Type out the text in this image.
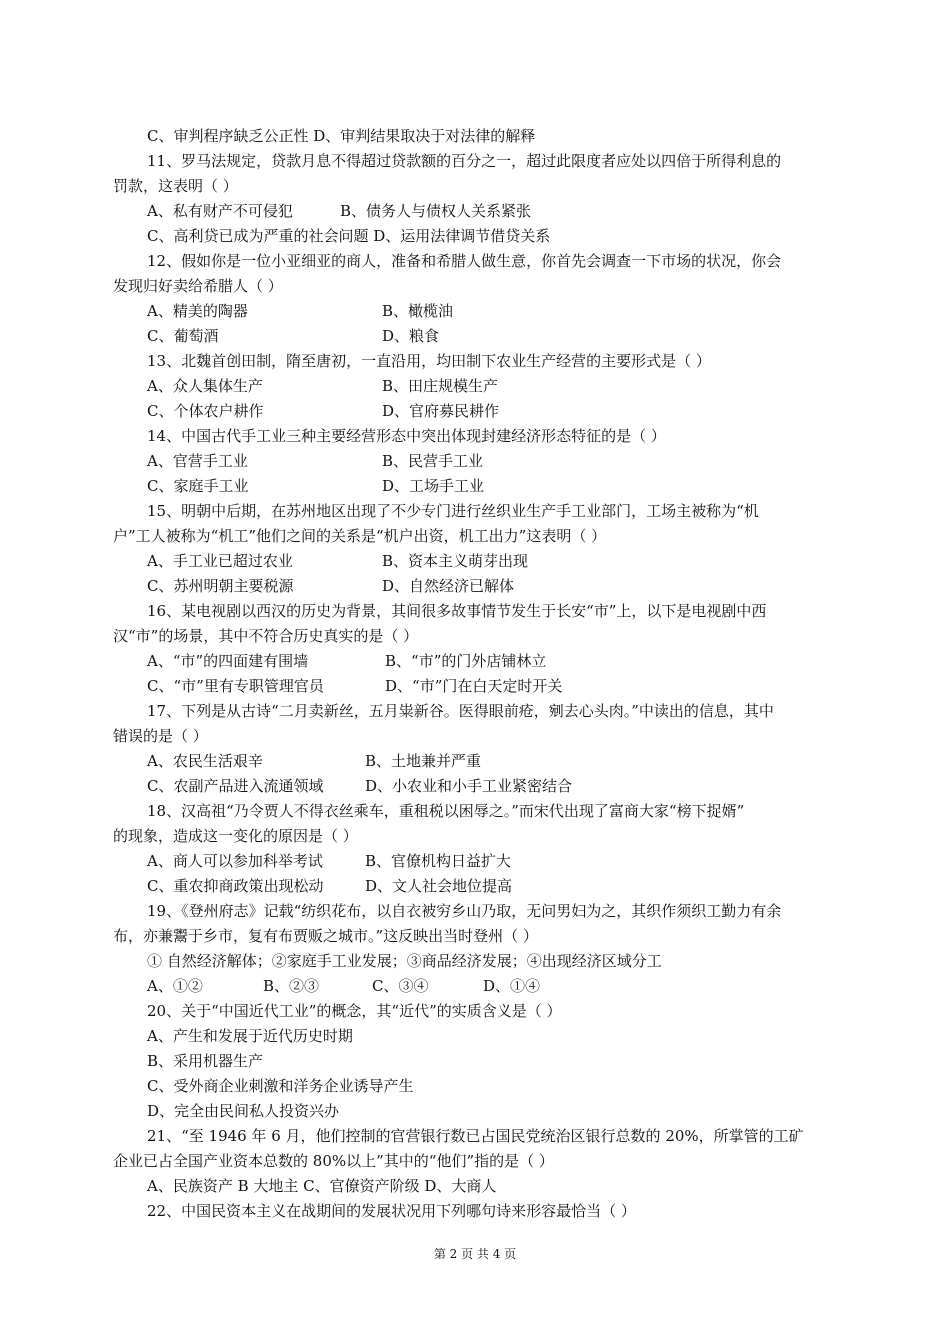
C、审判程序缺乏公正性 D、审判结果取决于对法律的解释
11、罗马法规定，贷款月息不得超过贷款额的百分之一，超过此限度者应处以四倍于所得利息的
罚款，这表明（ ）
A、私有财产不可侵犯	B、债务人与债权人关系紧张
C、高利贷已成为严重的社会问题 D、运用法律调节借贷关系
12、假如你是一位小亚细亚的商人，准备和希腊人做生意，你首先会调查一下市场的状况，你会
发现归好卖给希腊人（ ）
A、精美的陶器	B、橄榄油
C、葡萄酒	D、粮食
13、北魏首创田制，隋至唐初，一直沿用，均田制下农业生产经营的主要形式是（ ）
A、众人集体生产	B、田庄规模生产
C、个体农户耕作	D、官府募民耕作
14、中国古代手工业三种主要经营形态中突出体现封建经济形态特征的是（ ）
A、官营手工业	B、民营手工业
C、家庭手工业	D、工场手工业
15、明朝中后期，在苏州地区出现了不少专门进行丝织业生产手工业部门，工场主被称为“机
户”工人被称为“机工”他们之间的关系是“机户出资，机工出力”这表明（ ）
A、手工业已超过农业	B、资本主义萌芽出现
C、苏州明朝主要税源	D、自然经济已解体
16、某电视剧以西汉的历史为背景，其间很多故事情节发生于长安“市”上，以下是电视剧中西
汉“市”的场景，其中不符合历史真实的是（ ）
A、“市”的四面建有围墙	B、“市”的门外店铺林立
C、“市”里有专职管理官员	D、“市”门在白天定时开关
17、下列是从古诗“二月卖新丝，五月粜新谷。医得眼前疮，剜去心头肉。”中读出的信息，其中
错误的是（ ）
A、农民生活艰辛	B、土地兼并严重
C、农副产品进入流通领域	D、小农业和小手工业紧密结合
18、汉高祖“乃令贾人不得衣丝乘车，重租税以困辱之。”而宋代出现了富商大家“榜下捉婿”
的现象，造成这一变化的原因是（ ）
A、商人可以参加科举考试	B、官僚机构日益扩大
C、重农抑商政策出现松动	D、文人社会地位提高
19、《登州府志》记载“纺织花布，以自衣被穷乡山乃取，无问男妇为之，其织作须织工勤力有余
布，亦兼鬻于乡市，复有布贾贩之城市。”这反映出当时登州（ ）
① 自然经济解体；②家庭手工业发展；③商品经济发展；④出现经济区域分工
A、①②	B、②③	C、③④	D、①④
20、关于“中国近代工业”的概念，其“近代”的实质含义是（ ）
A、产生和发展于近代历史时期
B、采用机器生产
C、受外商企业刺激和洋务企业诱导产生
D、完全由民间私人投资兴办
21、“至 1946 年 6 月，他们控制的官营银行数已占国民党统治区银行总数的 20%，所掌管的工矿
企业已占全国产业资本总数的 80%以上”其中的“他们”指的是（ ）
A、民族资产 B 大地主 C、官僚资产阶级 D、大商人
22、中国民资本主义在战期间的发展状况用下列哪句诗来形容最恰当（ ）
第 2 页 共 4 页
